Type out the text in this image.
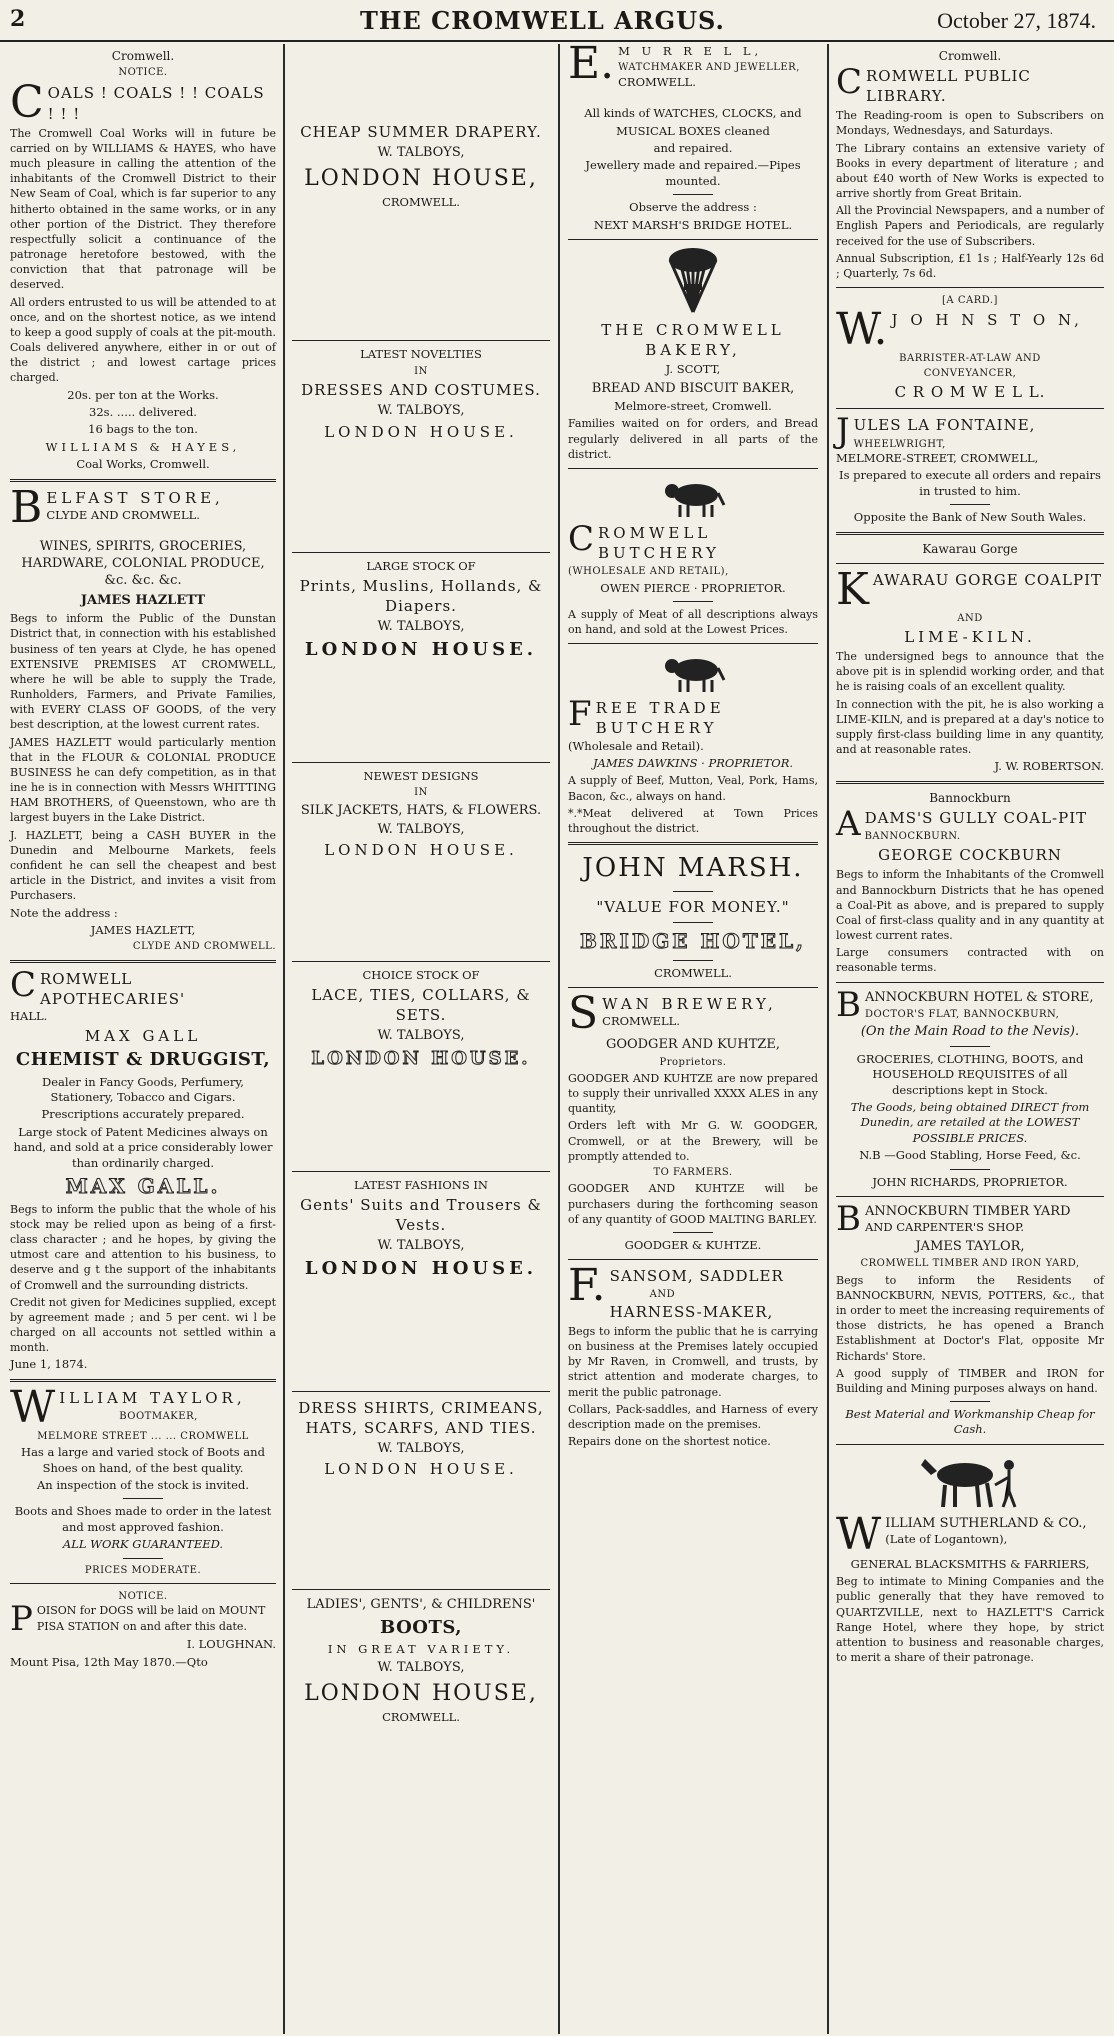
2	THE CROMWELL ARGUS.	October 27, 1874.
Cromwell.
NOTICE.
C OALS ! COALS ! ! COALS ! ! !

The Cromwell Coal Works will in future be carried on by WILLIAMS & HAYES, who have much pleasure in calling the attention of the inhabitants of the Cromwell District to their New Seam of Coal, which is far superior to any hitherto obtained in the same works, or in any other portion of the District. They therefore respectfully solicit a continuance of the patronage heretofore bestowed, with the conviction that that patronage will be deserved.

All orders entrusted to us will be attended to at once, and on the shortest notice, as we intend to keep a good supply of coals at the pit-mouth. Coals delivered anywhere, either in or out of the district ; and lowest cartage prices charged.

20s. per ton at the Works.

32s. ..... delivered.

16 bags to the ton.

WILLIAMS & HAYES,

Coal Works, Cromwell.

B ELFAST STORE,
CLYDE AND CROMWELL.

WINES, SPIRITS, GROCERIES, HARDWARE, COLONIAL PRODUCE, &c. &c. &c.

JAMES HAZLETT

Begs to inform the Public of the Dunstan District that, in connection with his established business of ten years at Clyde, he has opened EXTENSIVE PREMISES AT CROMWELL, where he will be able to supply the Trade, Runholders, Farmers, and Private Families, with EVERY CLASS OF GOODS, of the very best description, at the lowest current rates.

JAMES HAZLETT would particularly mention that in the FLOUR & COLONIAL PRODUCE BUSINESS he can defy competition, as in that ine he is in connection with Messrs WHITTING HAM BROTHERS, of Queenstown, who are th largest buyers in the Lake District.

J. HAZLETT, being a CASH BUYER in the Dunedin and Melbourne Markets, feels confident he can sell the cheapest and best article in the District, and invites a visit from Purchasers.

Note the address :

JAMES HAZLETT,

CLYDE AND CROMWELL.

C ROMWELL APOTHECARIES'
HALL.

MAX GALL

CHEMIST & DRUGGIST,

Dealer in Fancy Goods, Perfumery, Stationery, Tobacco and Cigars.

Prescriptions accurately prepared.

Large stock of Patent Medicines always on hand, and sold at a price considerably lower than ordinarily charged.

MAX GALL.

Begs to inform the public that the whole of his stock may be relied upon as being of a first-class character ; and he hopes, by giving the utmost care and attention to his business, to deserve and g t the support of the inhabitants of Cromwell and the surrounding districts.

Credit not given for Medicines supplied, except by agreement made ; and 5 per cent. wi l be charged on all accounts not settled within a month.

June 1, 1874.

W ILLIAM TAYLOR,
BOOTMAKER,

MELMORE STREET ... ... CROMWELL

Has a large and varied stock of Boots and Shoes on hand, of the best quality.

An inspection of the stock is invited.

Boots and Shoes made to order in the latest and most approved fashion.

ALL WORK GUARANTEED.

PRICES MODERATE.

NOTICE.
P OISON for DOGS will be laid on MOUNT PISA STATION on and after this date.

I. LOUGHNAN.

Mount Pisa, 12th May 1870.—Qto

CHEAP SUMMER DRAPERY.

W. TALBOYS,

LONDON HOUSE,

CROMWELL.

LATEST NOVELTIES

IN

DRESSES AND COSTUMES.

W. TALBOYS,

LONDON HOUSE.

LARGE STOCK OF

Prints, Muslins, Hollands, & Diapers.

W. TALBOYS,

LONDON HOUSE.

NEWEST DESIGNS

IN

SILK JACKETS, HATS, & FLOWERS.

W. TALBOYS,

LONDON HOUSE.

CHOICE STOCK OF

LACE, TIES, COLLARS, & SETS.

W. TALBOYS,

LONDON HOUSE.

LATEST FASHIONS IN

Gents' Suits and Trousers & Vests.

W. TALBOYS,

LONDON HOUSE.

DRESS SHIRTS, CRIMEANS, HATS, SCARFS, AND TIES.

W. TALBOYS,

LONDON HOUSE.

LADIES', GENTS', & CHILDRENS'

BOOTS,

IN GREAT VARIETY.

W. TALBOYS,

LONDON HOUSE,

CROMWELL.

E. M U R R E L L,
WATCHMAKER AND JEWELLER,
CROMWELL.

All kinds of WATCHES, CLOCKS, and

MUSICAL BOXES cleaned

and repaired.

Jewellery made and repaired.—Pipes mounted.

Observe the address :

NEXT MARSH'S BRIDGE HOTEL.

THE CROMWELL BAKERY,

J. SCOTT,

BREAD AND BISCUIT BAKER,

Melmore-street, Cromwell.

Families waited on for orders, and Bread regularly delivered in all parts of the district.

C ROMWELL BUTCHERY
(WHOLESALE AND RETAIL),

OWEN PIERCE · PROPRIETOR.

A supply of Meat of all descriptions always on hand, and sold at the Lowest Prices.

F REE TRADE BUTCHERY
(Wholesale and Retail).

JAMES DAWKINS · PROPRIETOR.

A supply of Beef, Mutton, Veal, Pork, Hams, Bacon, &c., always on hand.

*.*Meat delivered at Town Prices throughout the district.

JOHN MARSH.

"VALUE FOR MONEY."

BRIDGE HOTEL,

CROMWELL.

S WAN BREWERY,
CROMWELL.

GOODGER AND KUHTZE,

Proprietors.

GOODGER AND KUHTZE are now prepared to supply their unrivalled XXXX ALES in any quantity,

Orders left with Mr G. W. GOODGER, Cromwell, or at the Brewery, will be promptly attended to.

TO FARMERS.

GOODGER AND KUHTZE will be purchasers during the forthcoming season of any quantity of GOOD MALTING BARLEY.

GOODGER & KUHTZE.

F. SANSOM, SADDLER
AND
HARNESS-MAKER,

Begs to inform the public that he is carrying on business at the Premises lately occupied by Mr Raven, in Cromwell, and trusts, by strict attention and moderate charges, to merit the public patronage.

Collars, Pack-saddles, and Harness of every description made on the premises.

Repairs done on the shortest notice.

Cromwell.
C ROMWELL PUBLIC LIBRARY.

The Reading-room is open to Subscribers on Mondays, Wednesdays, and Saturdays.

The Library contains an extensive variety of Books in every department of literature ; and about £40 worth of New Works is expected to arrive shortly from Great Britain.

All the Provincial Newspapers, and a number of English Papers and Periodicals, are regularly received for the use of Subscribers.

Annual Subscription, £1 1s ; Half-Yearly 12s 6d ; Quarterly, 7s 6d.

[A CARD.]

W. J O H N S T O N,

BARRISTER-AT-LAW AND

CONVEYANCER,

C R O M W E L L.

J ULES LA FONTAINE,
WHEELWRIGHT,
MELMORE-STREET, CROMWELL,

Is prepared to execute all orders and repairs in trusted to him.

Opposite the Bank of New South Wales.

Kawarau Gorge
K AWARAU GORGE COALPIT

AND

LIME-KILN.

The undersigned begs to announce that the above pit is in splendid working order, and that he is raising coals of an excellent quality.

In connection with the pit, he is also working a LIME-KILN, and is prepared at a day's notice to supply first-class building lime in any quantity, and at reasonable rates.

J. W. ROBERTSON.

Bannockburn
A DAMS'S GULLY COAL-PIT
BANNOCKBURN.

GEORGE COCKBURN

Begs to inform the Inhabitants of the Cromwell and Bannockburn Districts that he has opened a Coal-Pit as above, and is prepared to supply Coal of first-class quality and in any quantity at lowest current rates.

Large consumers contracted with on reasonable terms.

B ANNOCKBURN HOTEL & STORE,
DOCTOR'S FLAT, BANNOCKBURN,

(On the Main Road to the Nevis).

GROCERIES, CLOTHING, BOOTS, and HOUSEHOLD REQUISITES of all descriptions kept in Stock.

The Goods, being obtained DIRECT from Dunedin, are retailed at the LOWEST POSSIBLE PRICES.

N.B —Good Stabling, Horse Feed, &c.

JOHN RICHARDS, PROPRIETOR.

B ANNOCKBURN TIMBER YARD
AND CARPENTER'S SHOP.

JAMES TAYLOR,

CROMWELL TIMBER AND IRON YARD,

Begs to inform the Residents of BANNOCKBURN, NEVIS, POTTERS, &c., that in order to meet the increasing requirements of those districts, he has opened a Branch Establishment at Doctor's Flat, opposite Mr Richards' Store.

A good supply of TIMBER and IRON for Building and Mining purposes always on hand.

Best Material and Workmanship Cheap for Cash.

W ILLIAM SUTHERLAND & CO.,
(Late of Logantown),

GENERAL BLACKSMITHS & FARRIERS,

Beg to intimate to Mining Companies and the public generally that they have removed to QUARTZVILLE, next to HAZLETT'S Carrick Range Hotel, where they hope, by strict attention to business and reasonable charges, to merit a share of their patronage.
